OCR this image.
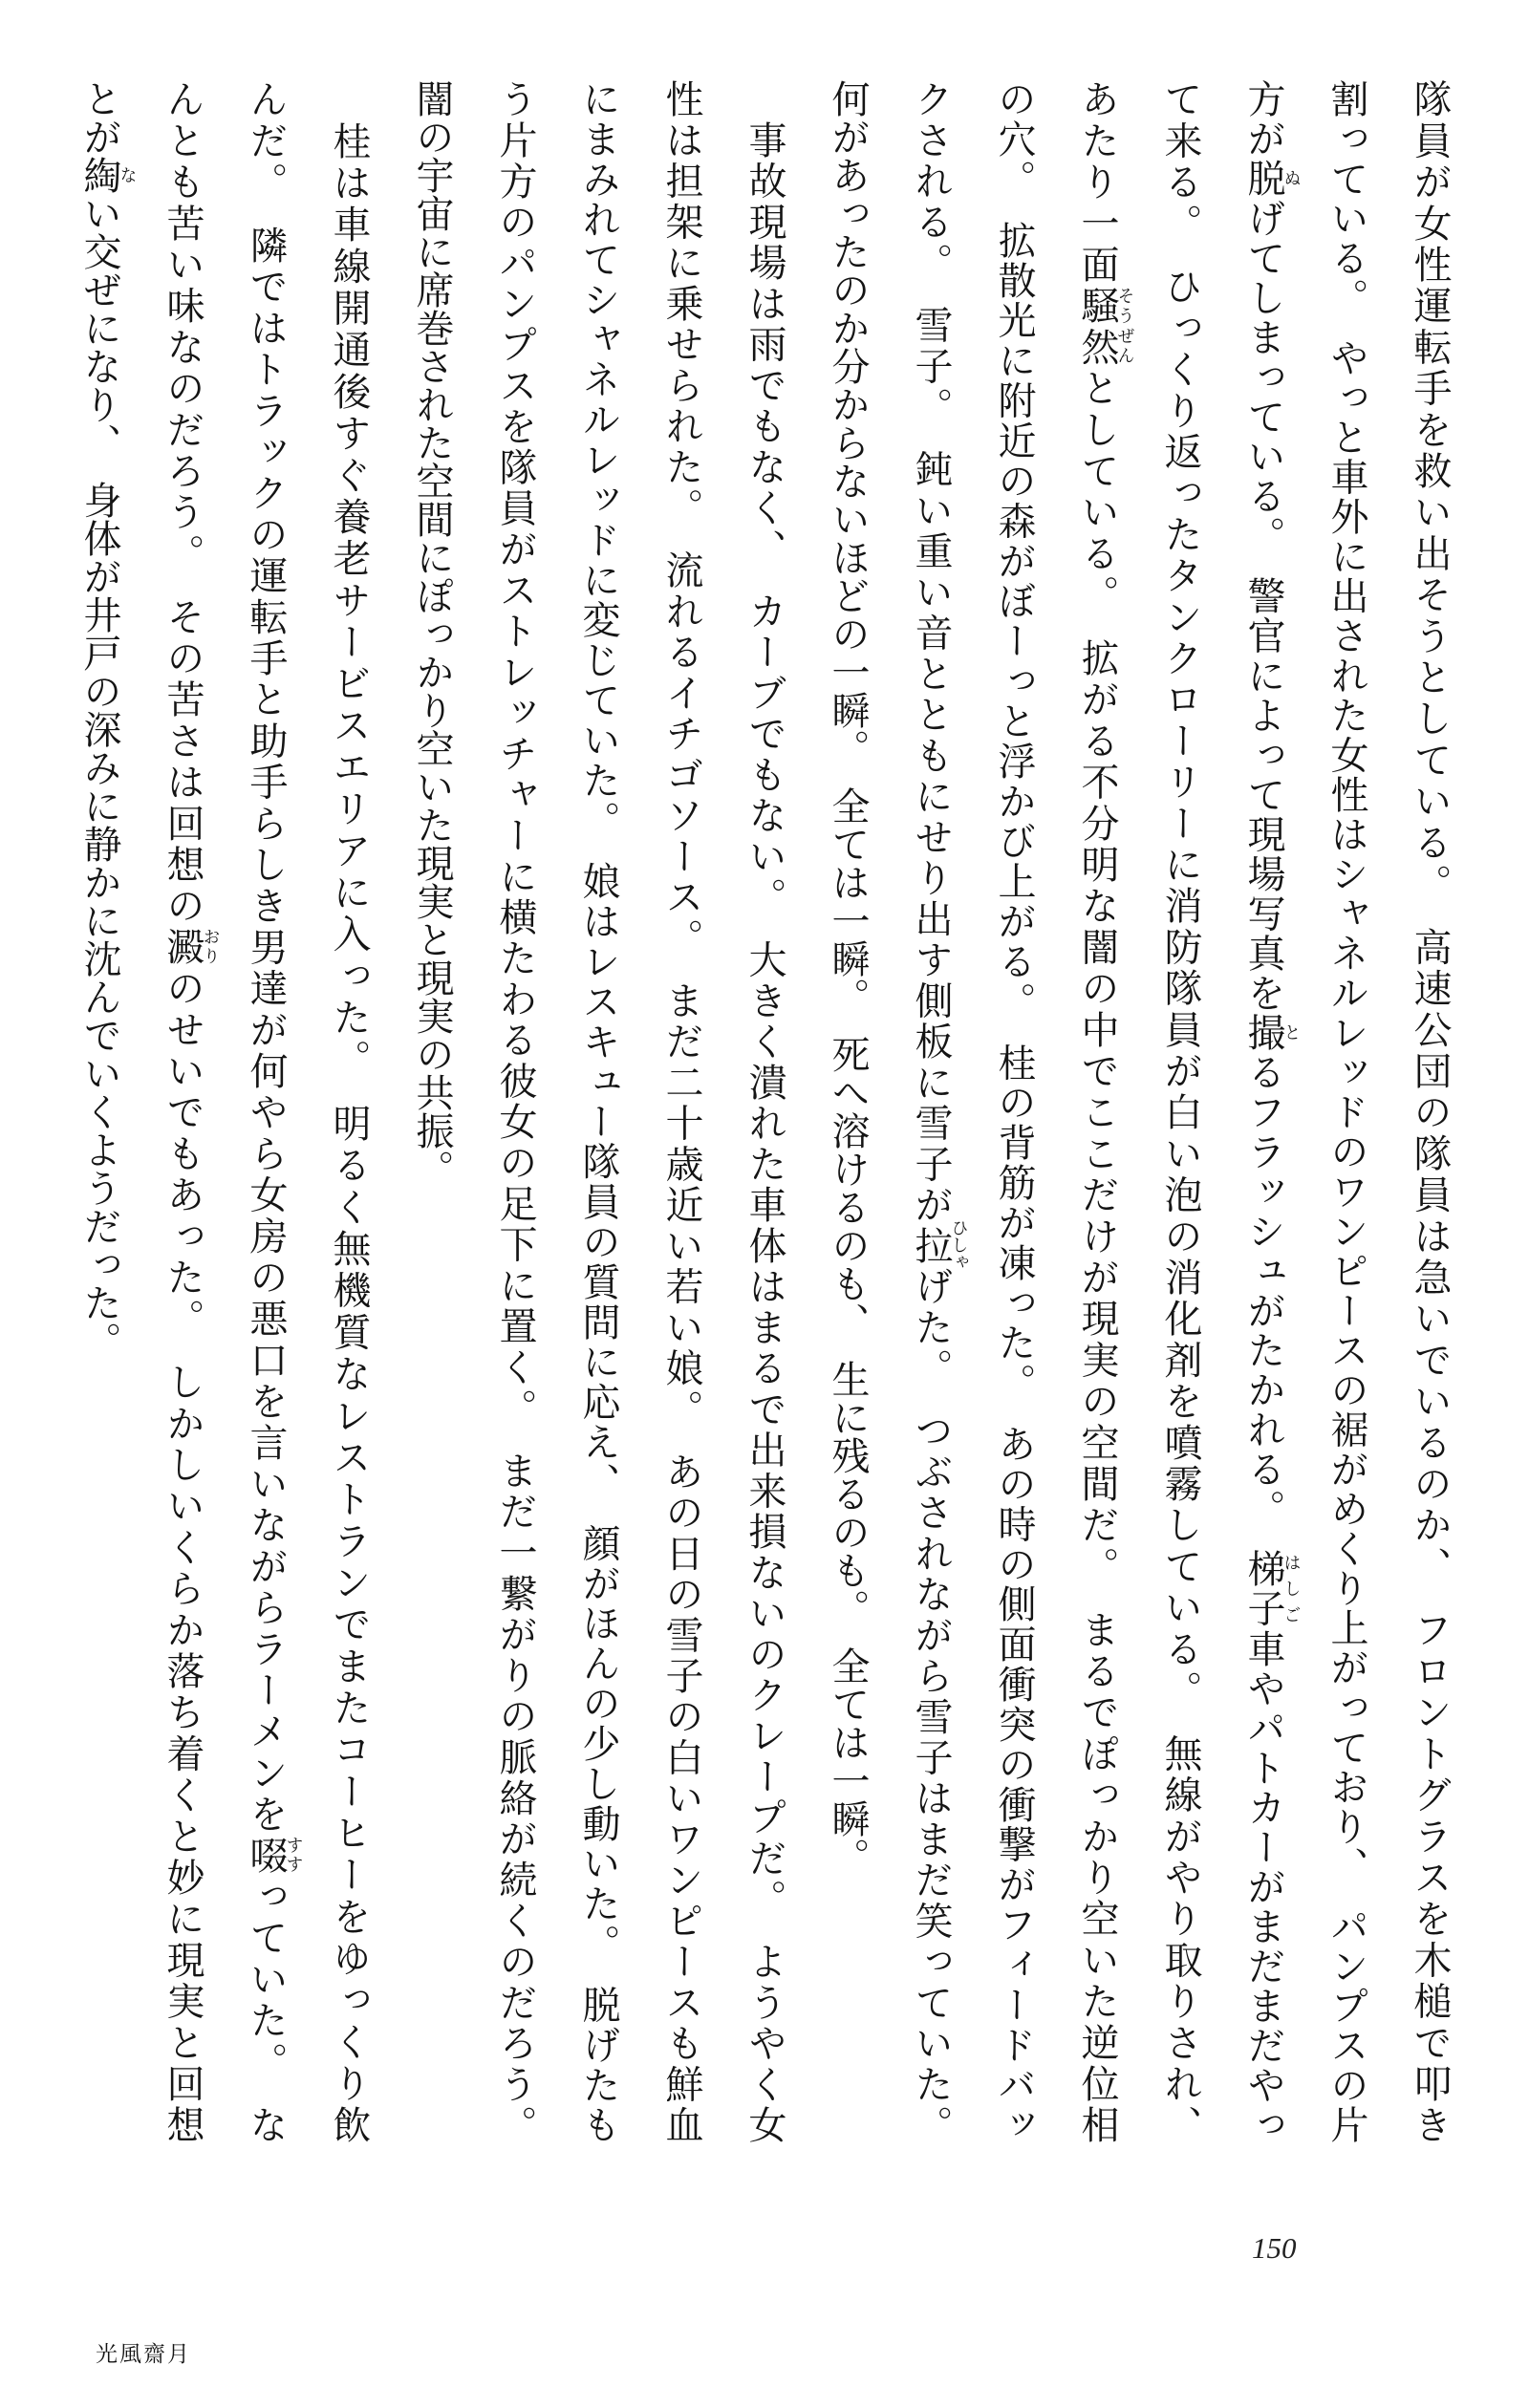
隊員が女性運転手を救い出そうとしている。　高速公団の隊員は急いでいるのか、　フロントグラスを木槌で叩き
割っている。　やっと車外に出された女性はシャネルレッドのワンピースの裾がめくり上がっており、　パンプスの片
方が脱ぬげてしまっている。　警官によって現場写真を撮とるフラッシュがたかれる。　梯子はしご車やパトカーがまだまだやっ
て来る。　ひっくり返ったタンクローリーに消防隊員が白い泡の消化剤を噴霧している。　無線がやり取りされ、
あたり一面騒然そうぜんとしている。　拡がる不分明な闇の中でここだけが現実の空間だ。　まるでぽっかり空いた逆位相
の穴。　拡散光に附近の森がぼーっと浮かび上がる。　桂の背筋が凍った。　あの時の側面衝突の衝撃がフィードバッ
クされる。　雪子。　鈍い重い音とともにせり出す側板に雪子が拉ひしゃげた。　つぶされながら雪子はまだ笑っていた。
何があったのか分からないほどの一瞬。　全ては一瞬。　死へ溶けるのも、　生に残るのも。　全ては一瞬。
　事故現場は雨でもなく、　カーブでもない。　大きく潰れた車体はまるで出来損ないのクレープだ。　ようやく女
性は担架に乗せられた。　流れるイチゴソース。　まだ二十歳近い若い娘。　あの日の雪子の白いワンピースも鮮血
にまみれてシャネルレッドに変じていた。　娘はレスキュー隊員の質問に応え、　顔がほんの少し動いた。　脱げたも
う片方のパンプスを隊員がストレッチャーに横たわる彼女の足下に置く。　まだ一繋がりの脈絡が続くのだろう。
闇の宇宙に席巻された空間にぽっかり空いた現実と現実の共振。
　桂は車線開通後すぐ養老サービスエリアに入った。　明るく無機質なレストランでまたコーヒーをゆっくり飲
んだ。　隣ではトラックの運転手と助手らしき男達が何やら女房の悪口を言いながらラーメンを啜すすっていた。　な
んとも苦い味なのだろう。　その苦さは回想の澱おりのせいでもあった。　しかしいくらか落ち着くと妙に現実と回想
とが綯ない交ぜになり、　身体が井戸の深みに静かに沈んでいくようだった。
光風齋月
150
